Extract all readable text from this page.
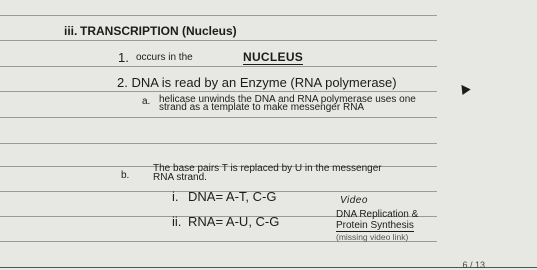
iii. TRANSCRIPTION (Nucleus)
1. occurs in the	NUCLEUS
2. DNA is read by an Enzyme (RNA polymerase)
a. helicase unwinds the DNA and RNA polymerase uses one
strand as a template to make messenger RNA
b.
The base pairs T is replaced by U in the messenger
RNA strand.
i. DNA= A-T, C-G
ii. RNA= A-U, C-G
Video
DNA Replication &
Protein Synthesis
(missing video link)
6 / 13
